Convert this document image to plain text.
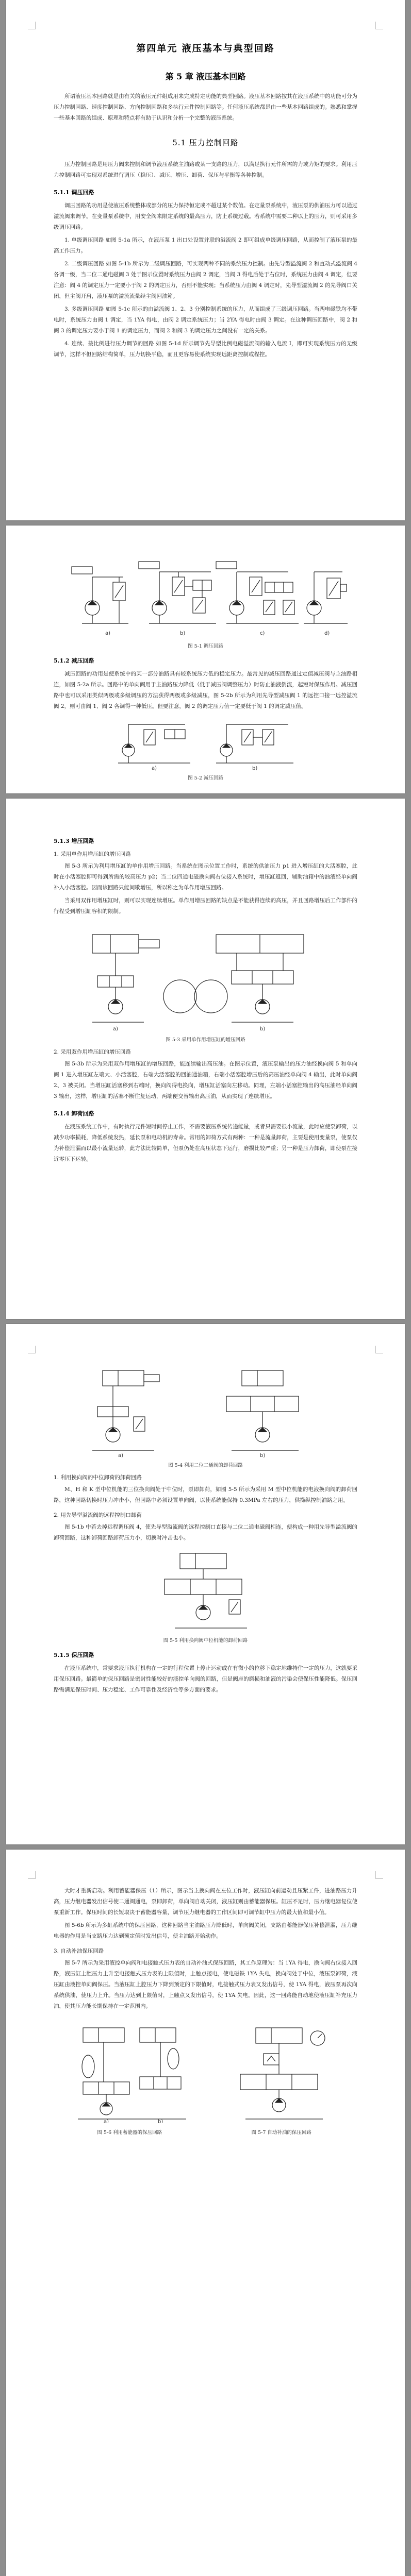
第四单元 液压基本与典型回路
第 5 章 液压基本回路

所谓液压基本回路就是由有关的液压元件组成用来完成特定功能的典型回路。液压基本回路按其在液压系统中的功能可分为压力控制回路、速度控制回路、方向控制回路和多执行元件控制回路等。任何液压系统都是由一些基本回路组成的。熟悉和掌握一些基本回路的组成、原理和特点将有助于认识和分析一个完整的液压系统。

5.1 压力控制回路

压力控制回路是用压力阀来控制和调节液压系统主油路或某一支路的压力，以满足执行元件所需的力或力矩的要求。利用压力控制回路可实现对系统进行调压（稳压）、减压、增压、卸荷、保压与平衡等各种控制。

5.1.1 调压回路

调压回路的功用是使液压系统整体或部分的压力保持恒定或不超过某个数值。在定量泵系统中，液压泵的供油压力可以通过溢流阀来调节。在变量泵系统中，用安全阀来限定系统的最高压力，防止系统过载。若系统中需要二种以上的压力，则可采用多级调压回路。

1. 单级调压回路 如图 5-1a 所示，在液压泵 1 出口处设置并联的溢流阀 2 即可组成单级调压回路，从而控制了液压泵的最高工作压力。

2. 二级调压回路 如图 5-1b 所示为二级调压回路，可实现两种不同的系统压力控制。由先导型溢流阀 2 和直动式溢流阀 4 各调一级，当二位二通电磁阀 3 处于图示位置时系统压力由阀 2 调定，当阀 3 得电后处于右位时，系统压力由阀 4 调定，但要注意：阀 4 的调定压力一定要小于阀 2 的调定压力，否则不能实现；当系统压力由阀 4 调定时，先导型溢流阀 2 的先导阀口关闭，但主阀开启，液压泵的溢流流量经主阀回油箱。

3. 多级调压回路 如图 5-1c 所示的由溢流阀 1、2、3 分别控制系统的压力，从而组成了三级调压回路。当两电磁铁均不带电时，系统压力由阀 1 调定，当 1YA 得电，由阀 2 调定系统压力；当 2YA 得电时由阀 3 调定。在这种调压回路中，阀 2 和阀 3 的调定压力要小于阀 1 的调定压力，而阀 2 和阀 3 的调定压力之间没有一定的关系。

4. 连续、按比例进行压力调节的回路 如图 5-1d 所示调节先导型比例电磁溢流阀的输入电流 I，即可实现系统压力的无级调节，这样不但回路结构简单，压力切换平稳，而且更容易使系统实现远距离控制或程控。

a)	b)	c)	d)
图 5-1 调压回路
5.1.2 减压回路

减压回路的功用是使系统中的某一部分油路具有较系统压力低的稳定压力。最常见的减压回路通过定值减压阀与主油路相连，如图 5-2a 所示。回路中的单向阀用于主油路压力降低（低于减压阀调整压力）时防止油液倒流，起短时保压作用。减压回路中也可以采用类似两级或多级调压的方法获得两级或多级减压，图 5-2b 所示为利用先导型减压阀 1 的远控口接一远控溢流阀 2，则可由阀 1、阀 2 各调得一种低压。但要注意，阀 2 的调定压力值一定要低于阀 1 的调定减压值。

a)	b)
图 5-2 减压回路
5.1.3 增压回路
1. 采用单作用增压缸的增压回路

图 5-3 所示为利用增压缸的单作用增压回路。当系统在图示位置工作时，系统的供油压力 p1 进入增压缸的大活塞腔，此时在小活塞腔即可得到所需的较高压力 p2；当二位四通电磁换向阀右位接入系统时，增压缸返回，辅助油箱中的油液经单向阀补入小活塞腔。因而该回路只能间歇增压，所以称之为单作用增压回路。

当采用双作用增压缸时，则可以实现连续增压。单作用增压回路的缺点是不能获得连续的高压，并且回路增压后工作部件的行程受到增压缸容积的限制。

a)	b)
图 5-3 采用单作用增压缸的增压回路
2. 采用双作用增压缸的增压回路

图 5-3b 所示为采用双作用增压缸的增压回路，能连续输出高压油。在图示位置，液压泵输出的压力油经换向阀 5 和单向阀 1 进入增压缸左端大、小活塞腔，右端大活塞腔的回油通油箱，右端小活塞腔增压后的高压油经单向阀 4 输出，此时单向阀 2、3 被关闭。当增压缸活塞移到右端时，换向阀得电换向，增压缸活塞向左移动。同理，左端小活塞腔输出的高压油经单向阀 3 输出，这样，增压缸的活塞不断往复运动，两端便交替输出高压油，从而实现了连续增压。

5.1.4 卸荷回路

在液压系统工作中，有时执行元件短时间停止工作，不需要液压系统传递能量，或者只需要很小流量，此时应使泵卸荷，以减少功率损耗，降低系统发热，延长泵和电动机的寿命。常用的卸荷方式有两种：一种是流量卸荷，主要是使用变量泵，使泵仅为补偿泄漏而以最小流量运转，此方法比较简单，但泵仍处在高压状态下运行，磨损比较严重；另一种是压力卸荷，即使泵在接近零压下运转。

a)	b)
图 5-4 利用二位二通阀的卸荷回路
1. 利用换向阀的中位卸荷的卸荷回路

M、H 和 K 型中位机能的三位换向阀处于中位时，泵即卸荷，如图 5-5 所示为采用 M 型中位机能的电液换向阀的卸荷回路，这种回路切换时压力冲击小，但回路中必须设置单向阀，以使系统能保持 0.3MPa 左右的压力，供操纵控制油路之用。

2. 用先导型溢流阀的远程控制口卸荷

图 5-1b 中若去掉远程调压阀 4，使先导型溢流阀的远程控制口直接与二位二通电磁阀相连，便构成一种用先导型溢流阀的卸荷回路，这种卸荷回路卸荷压力小，切换时冲击也小。

图 5-5 利用换向阀中位机能的卸荷回路
5.1.5 保压回路

在液压系统中，常要求液压执行机构在一定的行程位置上停止运动或在有微小的位移下稳定地维持住一定的压力，这就要采用保压回路。最简单的保压回路是密封性能较好的液控单向阀的回路，但是阀座的磨损和油液的污染会使保压性能降低。保压回路需满足保压时间、压力稳定、工作可靠性及经济性等多方面的要求。

大时才重新启动。利用蓄能器保压（1）所示，图示当主换向阀在左位工作时，液压缸向前运动且压紧工件，进油路压力升高，压力继电器发出信号使二通阀通电，泵即卸荷，单向阀自动关闭，液压缸则由蓄能器保压。缸压不足时，压力继电器复位使泵重新工作。保压时间的长短取决于蓄能器容量，调节压力继电器的工作区间即可调节缸中压力的最大值和最小值。

图 5-6b 所示为多缸系统中的保压回路，这种回路当主油路压力降低时，单向阀关闭，支路由蓄能器保压补偿泄漏，压力继电器的作用是当支路压力达到预定值时发出信号，使主油路开始动作。

3. 自动补油保压回路

图 5-7 所示为采用液控单向阀和电接触式压力表的自动补油式保压回路，其工作原理为：当 1YA 得电，换向阀右位接入回路，液压缸上腔压力上升至电接触式压力表的上限值时，上触点接电，使电磁铁 1YA 失电，换向阀处于中位，液压泵卸荷，液压缸由液控单向阀保压。当液压缸上腔压力下降到预定的下限值时，电接触式压力表又发出信号，使 1YA 得电，液压泵再次向系统供油，使压力上升。当压力达到上限值时，上触点又发出信号，使 1YA 失电。因此，这一回路能自动地使液压缸补充压力油，使其压力能长期保持在一定范围内。

a)	b)
图 5-6 利用蓄能器的保压回路	图 5-7 自动补油的保压回路
